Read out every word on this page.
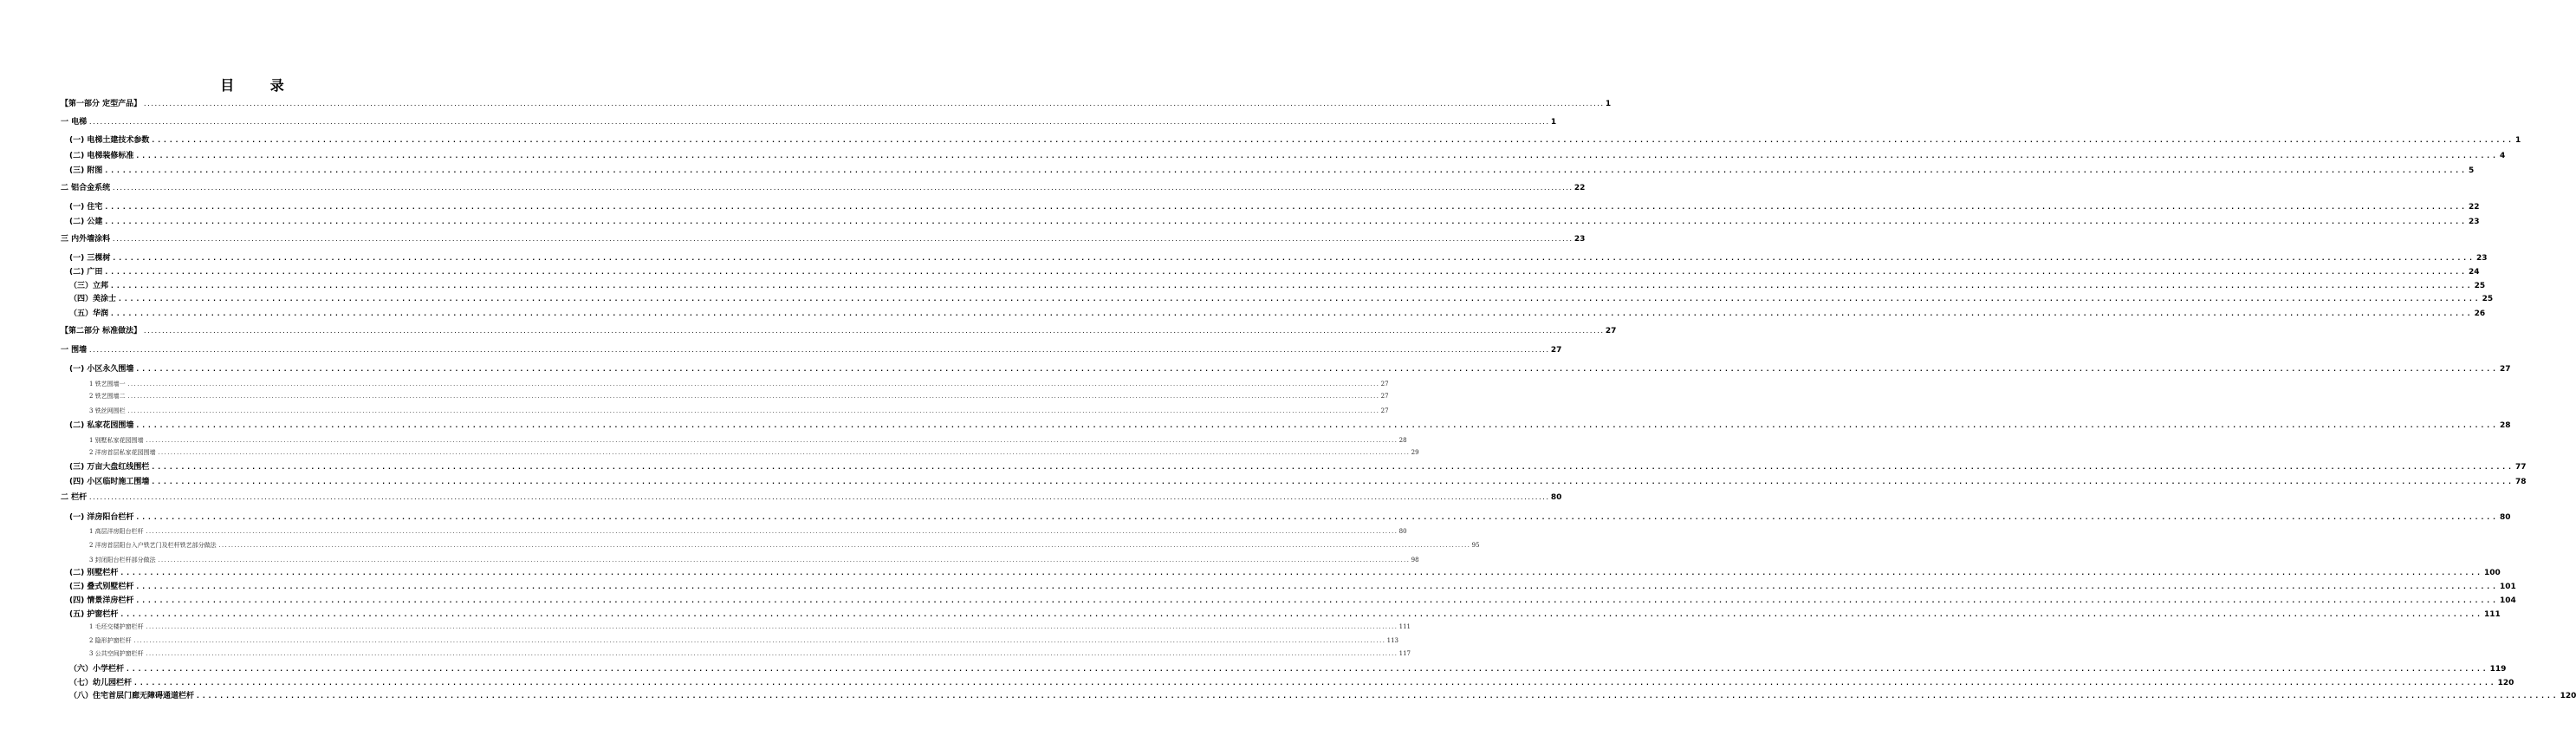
目 录
【第一部分 定型产品】 ................................................................................................................................................................................................................................................................................................................................................................................................................ 1
一 电梯 ................................................................................................................................................................................................................................................................................................................................................................................................................ 1
(一) 电梯土建技术参数 ................................................................................................................................................................................................................................................................................................................................................................................................................ 1
(二) 电梯装修标准 ................................................................................................................................................................................................................................................................................................................................................................................................................ 4
(三) 附图 ................................................................................................................................................................................................................................................................................................................................................................................................................ 5
二 铝合金系统 ................................................................................................................................................................................................................................................................................................................................................................................................................ 22
(一) 住宅 ................................................................................................................................................................................................................................................................................................................................................................................................................ 22
(二) 公建 ................................................................................................................................................................................................................................................................................................................................................................................................................ 23
三 内外墙涂料 ................................................................................................................................................................................................................................................................................................................................................................................................................ 23
(一) 三棵树 ................................................................................................................................................................................................................................................................................................................................................................................................................ 23
(二) 广田 ................................................................................................................................................................................................................................................................................................................................................................................................................ 24
（三）立邦 ................................................................................................................................................................................................................................................................................................................................................................................................................ 25
（四）美涂士 ................................................................................................................................................................................................................................................................................................................................................................................................................ 25
（五）华润 ................................................................................................................................................................................................................................................................................................................................................................................................................ 26
【第二部分 标准做法】 ................................................................................................................................................................................................................................................................................................................................................................................................................ 27
一 围墙 ................................................................................................................................................................................................................................................................................................................................................................................................................ 27
(一) 小区永久围墙 ................................................................................................................................................................................................................................................................................................................................................................................................................ 27
1 铁艺围墙一 ................................................................................................................................................................................................................................................................................................................................................................................................................ 27
2 铁艺围墙二 ................................................................................................................................................................................................................................................................................................................................................................................................................ 27
3 铁丝网围栏 ................................................................................................................................................................................................................................................................................................................................................................................................................ 27
(二) 私家花园围墙 ................................................................................................................................................................................................................................................................................................................................................................................................................ 28
1 别墅私家花园围墙 ................................................................................................................................................................................................................................................................................................................................................................................................................ 28
2 洋房首层私家花园围墙 ................................................................................................................................................................................................................................................................................................................................................................................................................ 29
(三) 万亩大盘红线围栏 ................................................................................................................................................................................................................................................................................................................................................................................................................ 77
(四) 小区临时施工围墙 ................................................................................................................................................................................................................................................................................................................................................................................................................ 78
二 栏杆 ................................................................................................................................................................................................................................................................................................................................................................................................................ 80
(一) 洋房阳台栏杆 ................................................................................................................................................................................................................................................................................................................................................................................................................ 80
1 高层洋房阳台栏杆 ................................................................................................................................................................................................................................................................................................................................................................................................................ 80
2 洋房首层阳台入户铁艺门及栏杆铁艺部分做法 ................................................................................................................................................................................................................................................................................................................................................................................................................ 95
3 封闭阳台栏杆部分做法 ................................................................................................................................................................................................................................................................................................................................................................................................................ 98
(二) 别墅栏杆 ................................................................................................................................................................................................................................................................................................................................................................................................................ 100
(三) 叠式别墅栏杆 ................................................................................................................................................................................................................................................................................................................................................................................................................ 101
(四) 情景洋房栏杆 ................................................................................................................................................................................................................................................................................................................................................................................................................ 104
(五) 护窗栏杆 ................................................................................................................................................................................................................................................................................................................................................................................................................ 111
1 毛坯交楼护窗栏杆 ................................................................................................................................................................................................................................................................................................................................................................................................................ 111
2 隐形护窗栏杆 ................................................................................................................................................................................................................................................................................................................................................................................................................ 113
3 公共空间护窗栏杆 ................................................................................................................................................................................................................................................................................................................................................................................................................ 117
（六）小学栏杆 ................................................................................................................................................................................................................................................................................................................................................................................................................ 119
（七）幼儿园栏杆 ................................................................................................................................................................................................................................................................................................................................................................................................................ 120
（八）住宅首层门廊无障碍通道栏杆 ................................................................................................................................................................................................................................................................................................................................................................................................................ 120
